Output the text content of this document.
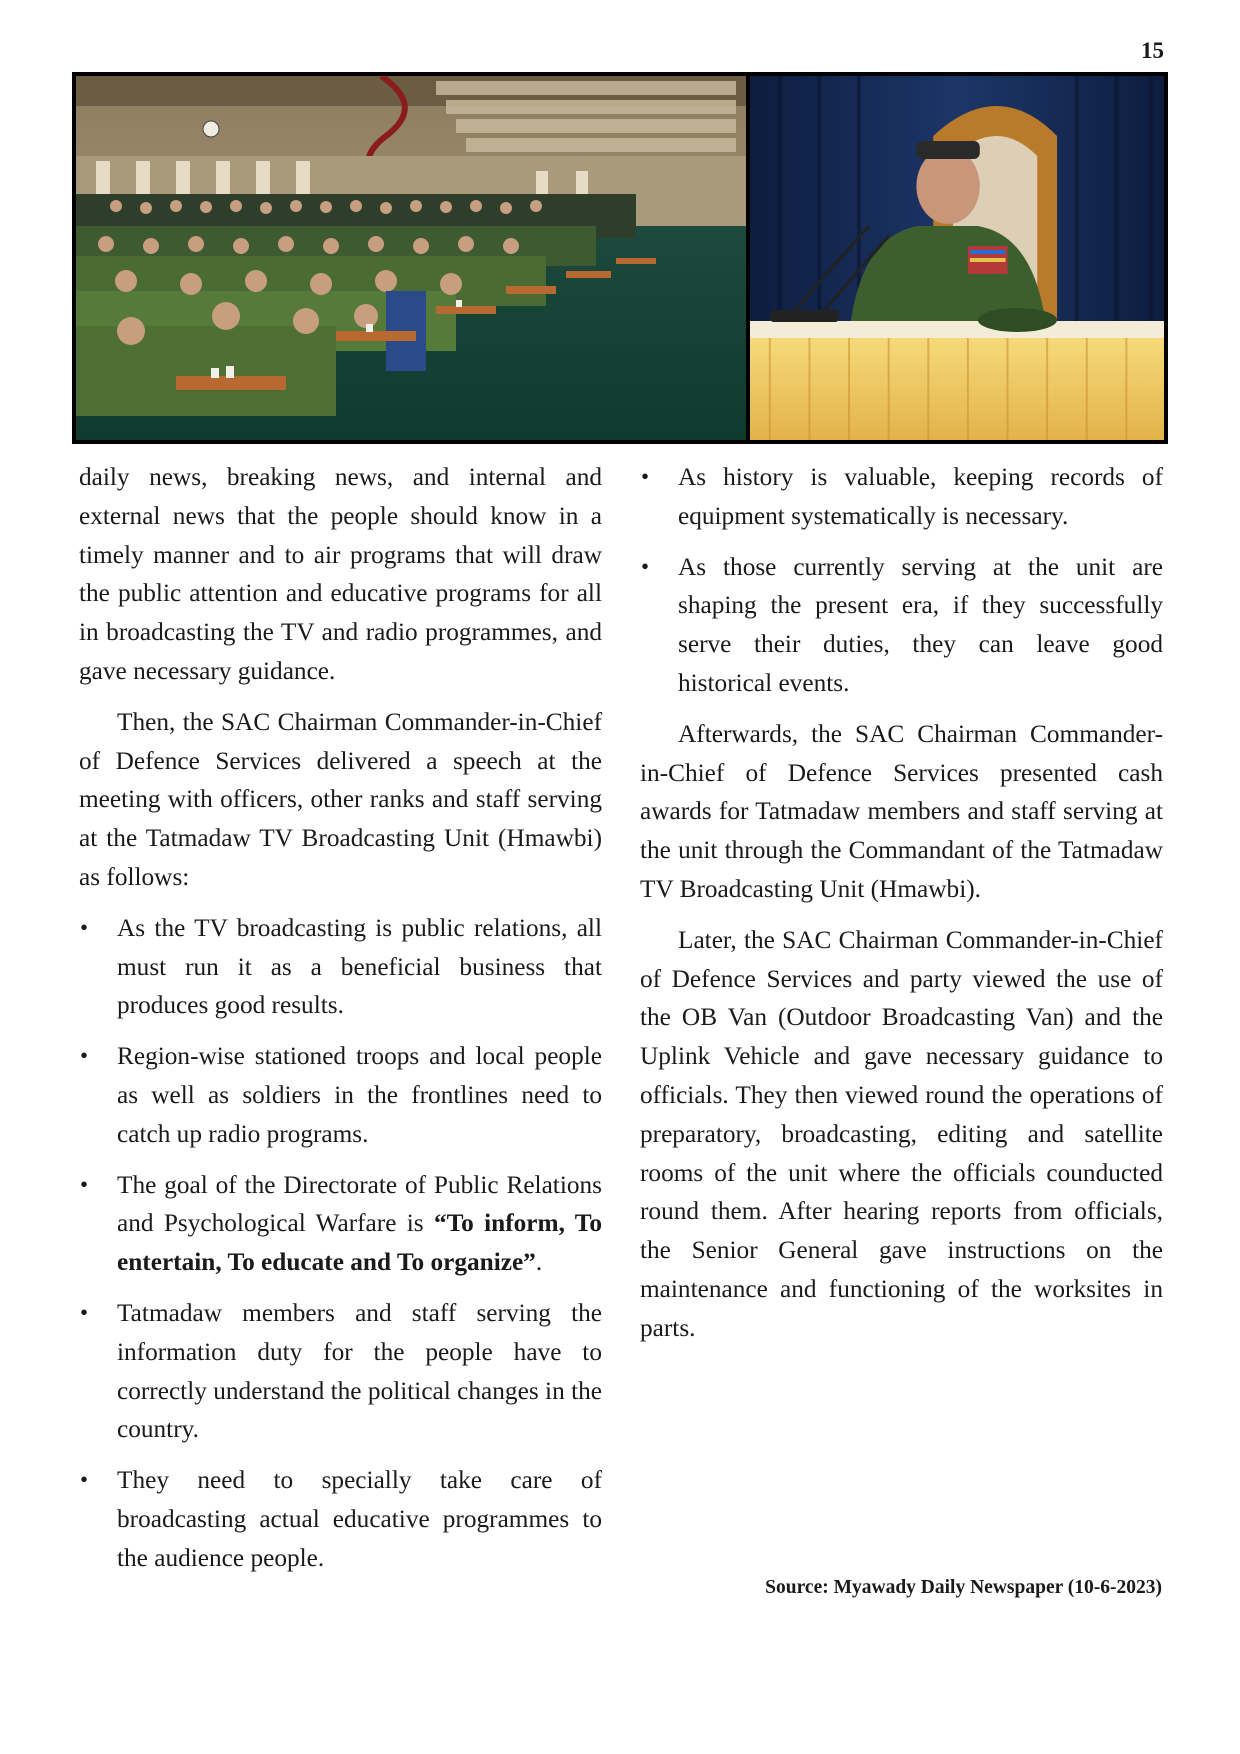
15

daily news, breaking news, and internal and external news that the people should know in a timely manner and to air programs that will draw the public attention and educative programs for all in broadcasting the TV and radio programmes, and gave necessary guidance.

Then, the SAC Chairman Commander-in-Chief of Defence Services delivered a speech at the meeting with officers, other ranks and staff serving at the Tatmadaw TV Broadcasting Unit (Hmawbi) as follows:

• As the TV broadcasting is public relations, all must run it as a beneficial business that produces good results.
• Region-wise stationed troops and local people as well as soldiers in the frontlines need to catch up radio programs.
• The goal of the Directorate of Public Relations and Psychological Warfare is “To inform, To entertain, To educate and To organize”.
• Tatmadaw members and staff serving the information duty for the people have to correctly understand the political changes in the country.
• They need to specially take care of broadcasting actual educative programmes to the audience people.
• As history is valuable, keeping records of equipment systematically is necessary.
• As those currently serving at the unit are shaping the present era, if they successfully serve their duties, they can leave good historical events.

Afterwards, the SAC Chairman Commander-in-Chief of Defence Services presented cash awards for Tatmadaw members and staff serving at the unit through the Commandant of the Tatmadaw TV Broadcasting Unit (Hmawbi).

Later, the SAC Chairman Commander-in-Chief of Defence Services and party viewed the use of the OB Van (Outdoor Broadcasting Van) and the Uplink Vehicle and gave necessary guidance to officials. They then viewed round the operations of preparatory, broadcasting, editing and satellite rooms of the unit where the officials counducted round them. After hearing reports from officials, the Senior General gave instructions on the maintenance and functioning of the worksites in parts.

Source: Myawady Daily Newspaper (10-6-2023)
